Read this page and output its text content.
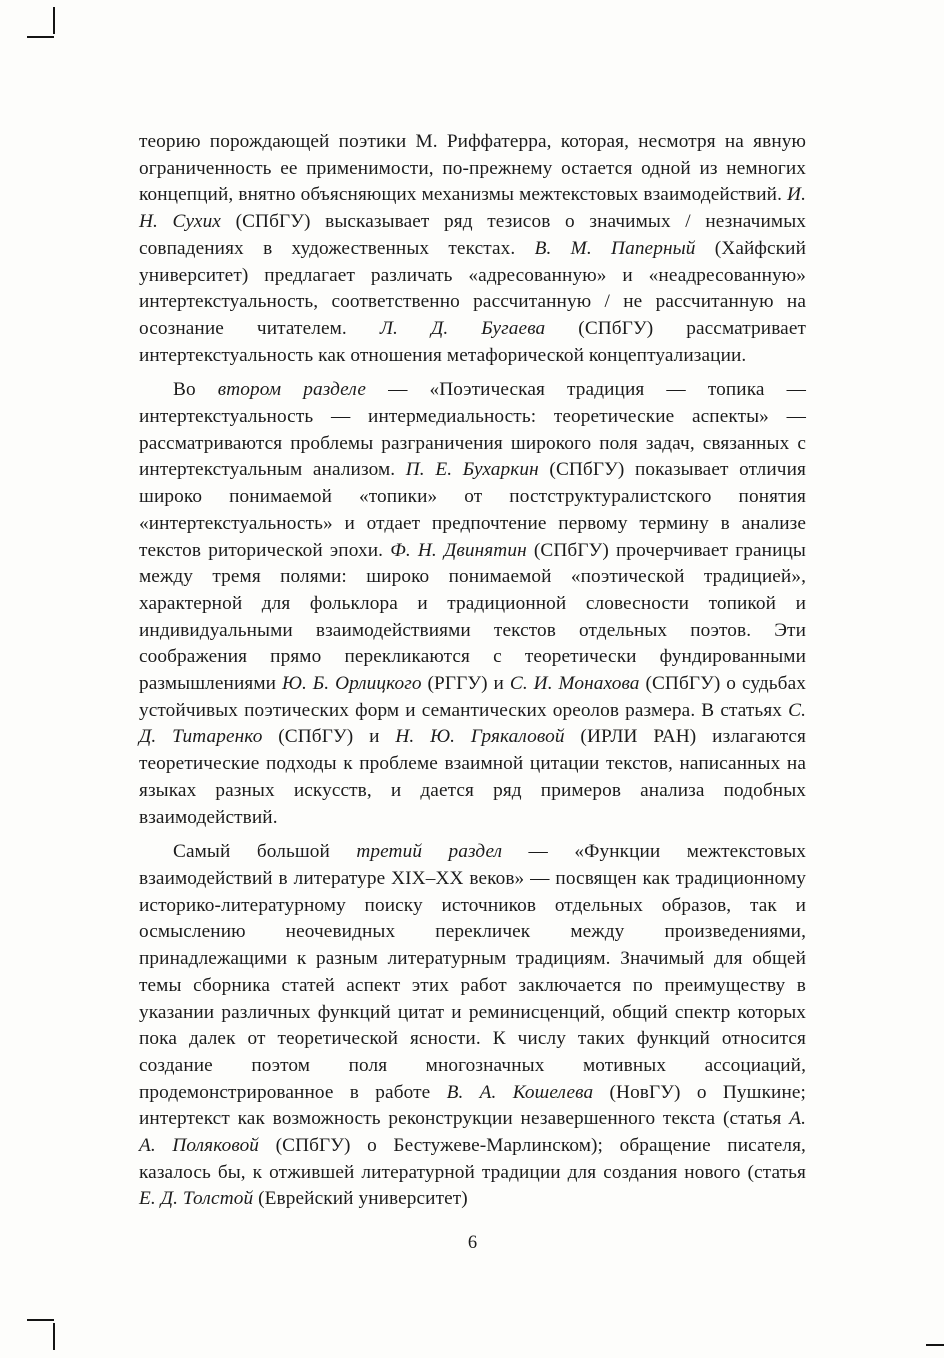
теорию порождающей поэтики М. Риффатерра, которая, несмотря на явную ограниченность ее применимости, по-прежнему остается одной из немногих концепций, внятно объясняющих механизмы межтекстовых взаимодействий. И. Н. Сухих (СПбГУ) высказывает ряд тезисов о значимых / незначимых совпадениях в художественных текстах. В. М. Паперный (Хайфский университет) предлагает различать «адресованную» и «неадресованную» интертекстуальность, соответственно рассчитанную / не рассчитанную на осознание читателем. Л. Д. Бугаева (СПбГУ) рассматривает интертекстуальность как отношения метафорической концептуализации.

Во втором разделе — «Поэтическая традиция — топика — интертекстуальность — интермедиальность: теоретические аспекты» — рассматриваются проблемы разграничения широкого поля задач, связанных с интертекстуальным анализом. П. Е. Бухаркин (СПбГУ) показывает отличия широко понимаемой «топики» от постструктуралистского понятия «интертекстуальность» и отдает предпочтение первому термину в анализе текстов риторической эпохи. Ф. Н. Двинятин (СПбГУ) прочерчивает границы между тремя полями: широко понимаемой «поэтической традицией», характерной для фольклора и традиционной словесности топикой и индивидуальными взаимодействиями текстов отдельных поэтов. Эти соображения прямо перекликаются с теоретически фундированными размышлениями Ю. Б. Орлицкого (РГГУ) и С. И. Монахова (СПбГУ) о судьбах устойчивых поэтических форм и семантических ореолов размера. В статьях С. Д. Титаренко (СПбГУ) и Н. Ю. Грякаловой (ИРЛИ РАН) излагаются теоретические подходы к проблеме взаимной цитации текстов, написанных на языках разных искусств, и дается ряд примеров анализа подобных взаимодействий.

Самый большой третий раздел — «Функции межтекстовых взаимодействий в литературе XIX–XX веков» — посвящен как традиционному историко-литературному поиску источников отдельных образов, так и осмыслению неочевидных перекличек между произведениями, принадлежащими к разным литературным традициям. Значимый для общей темы сборника статей аспект этих работ заключается по преимуществу в указании различных функций цитат и реминисценций, общий спектр которых пока далек от теоретической ясности. К числу таких функций относится создание поэтом поля многозначных мотивных ассоциаций, продемонстрированное в работе В. А. Кошелева (НовГУ) о Пушкине; интертекст как возможность реконструкции незавершенного текста (статья А. А. Поляковой (СПбГУ) о Бестужеве-Марлинском); обращение писателя, казалось бы, к отжившей литературной традиции для создания нового (статья Е. Д. Толстой (Еврейский университет)

6
